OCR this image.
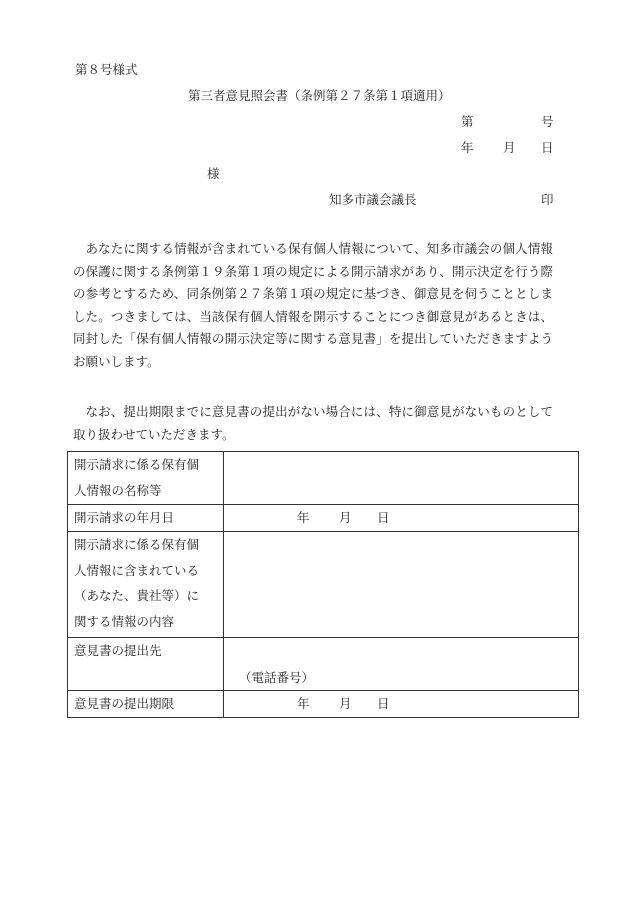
第８号様式
第三者意見照会書（条例第２７条第１項適用）
第	号
年 月 日
様
知多市議会議長	印
あなたに関する情報が含まれている保有個人情報について、知多市議会の個人情報の保護に関する条例第１９条第１項の規定による開示請求があり、開示決定を行う際の参考とするため、同条例第２７条第１項の規定に基づき、御意見を伺うこととしました。つきましては、当該保有個人情報を開示することにつき御意見があるときは、同封した「保有個人情報の開示決定等に関する意見書」を提出していただきますようお願いします。
なお、提出期限までに意見書の提出がない場合には、特に御意見がないものとして取り扱わせていただきます。
開示請求に係る保有個
人情報の名称等	

開示請求の年月日	年 月 日

開示請求に係る保有個
人情報に含まれている
（あなた、貴社等）に
関する情報の内容	

意見書の提出先	（電話番号）

意見書の提出期限	年 月 日
